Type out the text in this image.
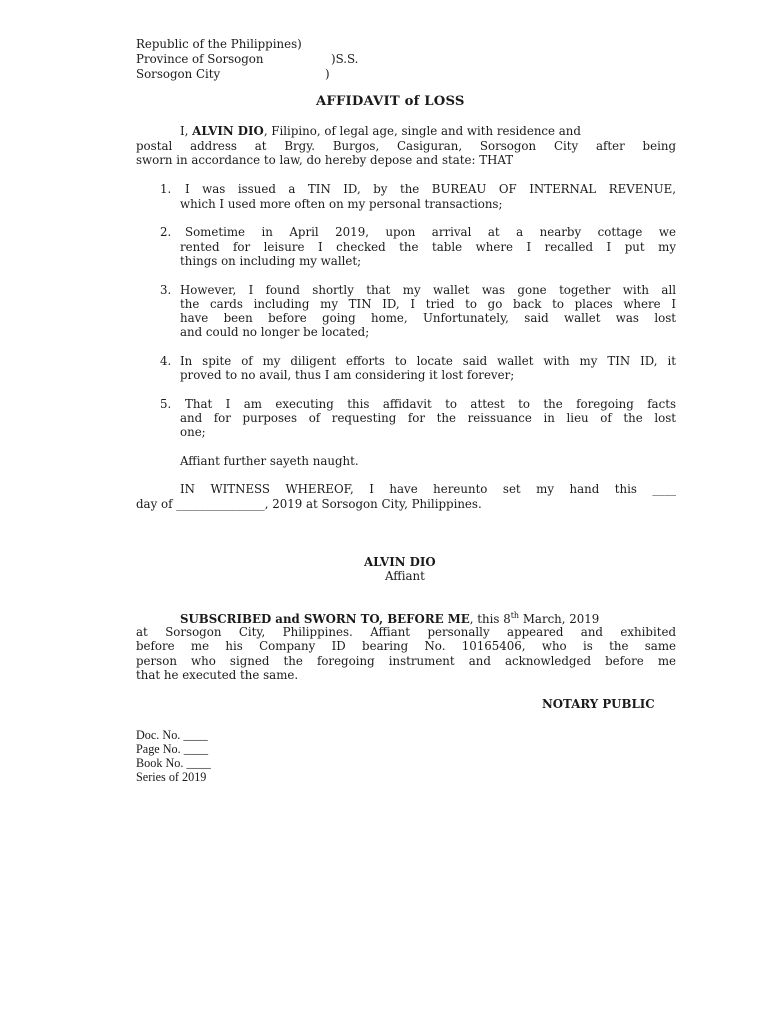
Republic of the Philippines)
Province of Sorsogon	)S.S.
Sorsogon City	)
AFFIDAVIT of LOSS
I, ALVIN DIO, Filipino, of legal age, single and with residence and
postal address at Brgy. Burgos, Casiguran, Sorsogon City after being
sworn in accordance to law, do hereby depose and state: THAT
1. I was issued a TIN ID, by the BUREAU OF INTERNAL REVENUE,
which I used more often on my personal transactions;
2. Sometime in April 2019, upon arrival at a nearby cottage we
rented for leisure I checked the table where I recalled I put my
things on including my wallet;
3. However, I found shortly that my wallet was gone together with all
the cards including my TIN ID, I tried to go back to places where I
have been before going home, Unfortunately, said wallet was lost
and could no longer be located;
4. In spite of my diligent efforts to locate said wallet with my TIN ID, it
proved to no avail, thus I am considering it lost forever;
5. That I am executing this affidavit to attest to the foregoing facts
and for purposes of requesting for the reissuance in lieu of the lost
one;
Affiant further sayeth naught.
IN WITNESS WHEREOF, I have hereunto set my hand this ____
day of _______________, 2019 at Sorsogon City, Philippines.
ALVIN DIO
Affiant
SUBSCRIBED and SWORN TO, BEFORE ME, this 8th March, 2019
at Sorsogon City, Philippines. Affiant personally appeared and exhibited
before me his Company ID bearing No. 10165406, who is the same
person who signed the foregoing instrument and acknowledged before me
that he executed the same.
NOTARY PUBLIC
Doc. No. ____
Page No. ____
Book No. ____
Series of 2019
